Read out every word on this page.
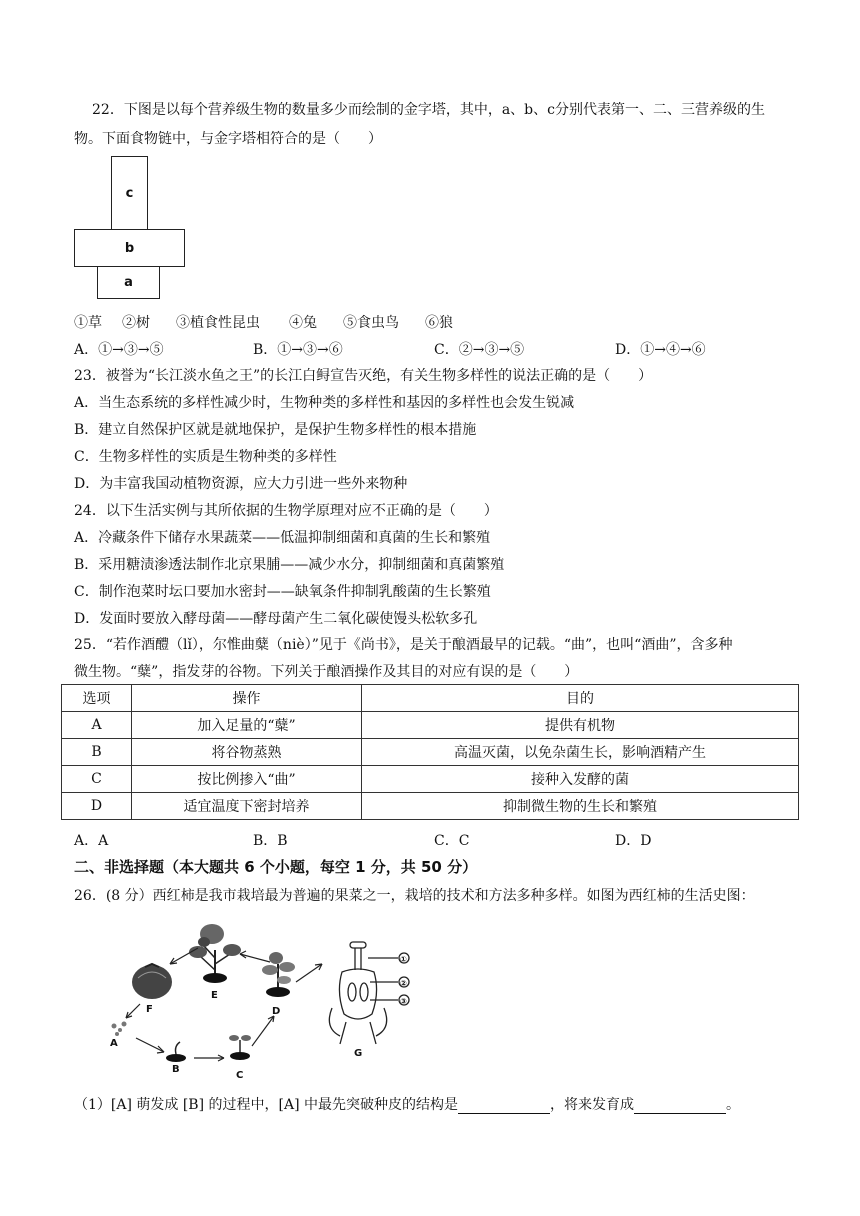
22．下图是以每个营养级生物的数量多少而绘制的金字塔，其中，a、b、c分别代表第一、二、三营养级的生
物。下面食物链中，与金字塔相符合的是（　　）
c
b
a
①草 ②树 ③植食性昆虫 ④兔 ⑤食虫鸟 ⑥狼
A．①→③→⑤	B．①→③→⑥	C．②→③→⑤	D．①→④→⑥
23．被誉为“长江淡水鱼之王”的长江白鲟宣告灭绝，有关生物多样性的说法正确的是（　　）
A．当生态系统的多样性减少时，生物种类的多样性和基因的多样性也会发生锐减
B．建立自然保护区就是就地保护，是保护生物多样性的根本措施
C．生物多样性的实质是生物种类的多样性
D．为丰富我国动植物资源，应大力引进一些外来物种
24．以下生活实例与其所依据的生物学原理对应不正确的是（　　）
A．冷藏条件下储存水果蔬菜——低温抑制细菌和真菌的生长和繁殖
B．采用糖渍渗透法制作北京果脯——减少水分，抑制细菌和真菌繁殖
C．制作泡菜时坛口要加水密封——缺氧条件抑制乳酸菌的生长繁殖
D．发面时要放入酵母菌——酵母菌产生二氧化碳使馒头松软多孔
25．“若作酒醴（lǐ），尔惟曲糵（niè）”见于《尚书》，是关于酿酒最早的记载。“曲”，也叫“酒曲”，含多种
微生物。“糵”，指发芽的谷物。下列关于酿酒操作及其目的对应有误的是（　　）
选项	操作	目的
A	加入足量的“糵”	提供有机物
B	将谷物蒸熟	高温灭菌，以免杂菌生长，影响酒精产生
C	按比例掺入“曲”	接种入发酵的菌
D	适宜温度下密封培养	抑制微生物的生长和繁殖
A．A	B．B	C．C	D．D
二、非选择题（本大题共 6 个小题，每空 1 分，共 50 分）
26．(8 分）西红柿是我市栽培最为普遍的果菜之一，栽培的技术和方法多种多样。如图为西红柿的生活史图：
A
B
C
D
E
F
G
①
②
③
（1）[A] 萌发成 [B] 的过程中，[A] 中最先突破种皮的结构是	，将来发育成	。
